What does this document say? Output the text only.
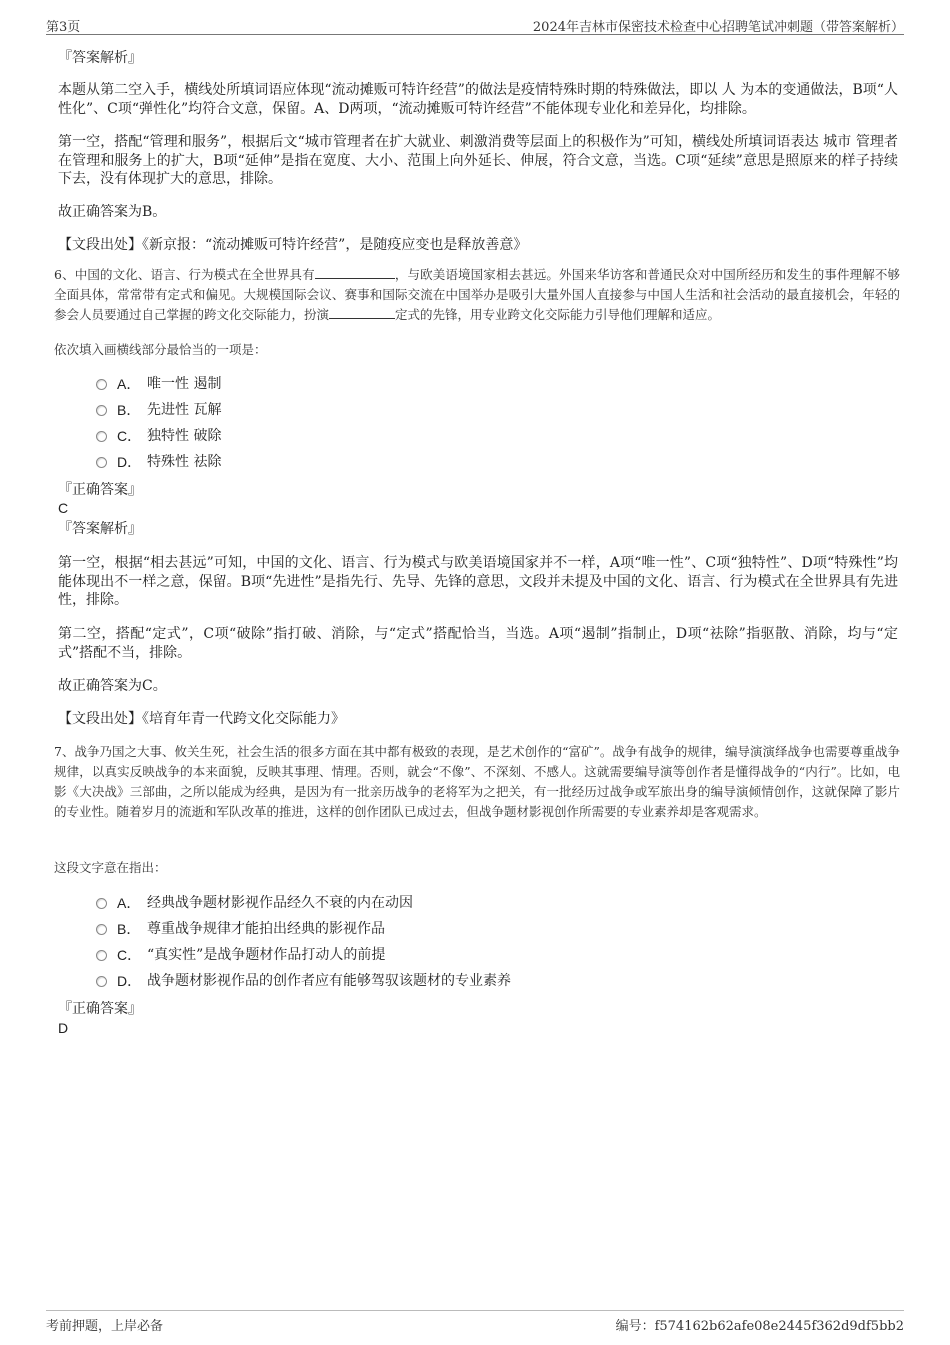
第3页	2024年吉林市保密技术检查中心招聘笔试冲刺题（带答案解析）
『答案解析』
本题从第二空入手，横线处所填词语应体现“流动摊贩可特许经营”的做法是疫情特殊时期的特殊做法，即以 人 为本的变通做法，B项“人性化”、C项“弹性化”均符合文意，保留。A、D两项，“流动摊贩可特许经营”不能体现专业化和差异化，均排除。
第一空，搭配“管理和服务”，根据后文“城市管理者在扩大就业、刺激消费等层面上的积极作为”可知，横线处所填词语表达 城市 管理者在管理和服务上的扩大，B项“延伸”是指在宽度、大小、范围上向外延长、伸展，符合文意，当选。C项“延续”意思是照原来的样子持续下去，没有体现扩大的意思，排除。
故正确答案为B。
【文段出处】《新京报：“流动摊贩可特许经营”，是随疫应变也是释放善意》
6、中国的文化、语言、行为模式在全世界具有	，与欧美语境国家相去甚远。外国来华访客和普通民众对中国所经历和发生的事件理解不够全面具体，常常带有定式和偏见。大规模国际会议、赛事和国际交流在中国举办是吸引大量外国人直接参与中国人生活和社会活动的最直接机会，年轻的参会人员要通过自己掌握的跨文化交际能力，扮演	定式的先锋，用专业跨文化交际能力引导他们理解和适应。
依次填入画横线部分最恰当的一项是：
A． 唯一性 遏制
B． 先进性 瓦解
C． 独特性 破除
D． 特殊性 祛除
『正确答案』
C
『答案解析』
第一空，根据“相去甚远”可知，中国的文化、语言、行为模式与欧美语境国家并不一样，A项“唯一性”、C项“独特性”、D项“特殊性”均能体现出不一样之意，保留。B项“先进性”是指先行、先导、先锋的意思，文段并未提及中国的文化、语言、行为模式在全世界具有先进性，排除。
第二空，搭配“定式”，C项“破除”指打破、消除，与“定式”搭配恰当，当选。A项“遏制”指制止，D项“祛除”指驱散、消除，均与“定式”搭配不当，排除。
故正确答案为C。
【文段出处】《培育年青一代跨文化交际能力》
7、战争乃国之大事、攸关生死，社会生活的很多方面在其中都有极致的表现，是艺术创作的“富矿”。战争有战争的规律，编导演演绎战争也需要尊重战争规律，以真实反映战争的本来面貌，反映其事理、情理。否则，就会“不像”、不深刻、不感人。这就需要编导演等创作者是懂得战争的“内行”。比如，电影《大决战》三部曲，之所以能成为经典，是因为有一批亲历战争的老将军为之把关，有一批经历过战争或军旅出身的编导演倾情创作，这就保障了影片的专业性。随着岁月的流逝和军队改革的推进，这样的创作团队已成过去，但战争题材影视创作所需要的专业素养却是客观需求。
这段文字意在指出：
A． 经典战争题材影视作品经久不衰的内在动因
B． 尊重战争规律才能拍出经典的影视作品
C． “真实性”是战争题材作品打动人的前提
D． 战争题材影视作品的创作者应有能够驾驭该题材的专业素养
『正确答案』
D
考前押题，上岸必备	编号：f574162b62afe08e2445f362d9df5bb2
